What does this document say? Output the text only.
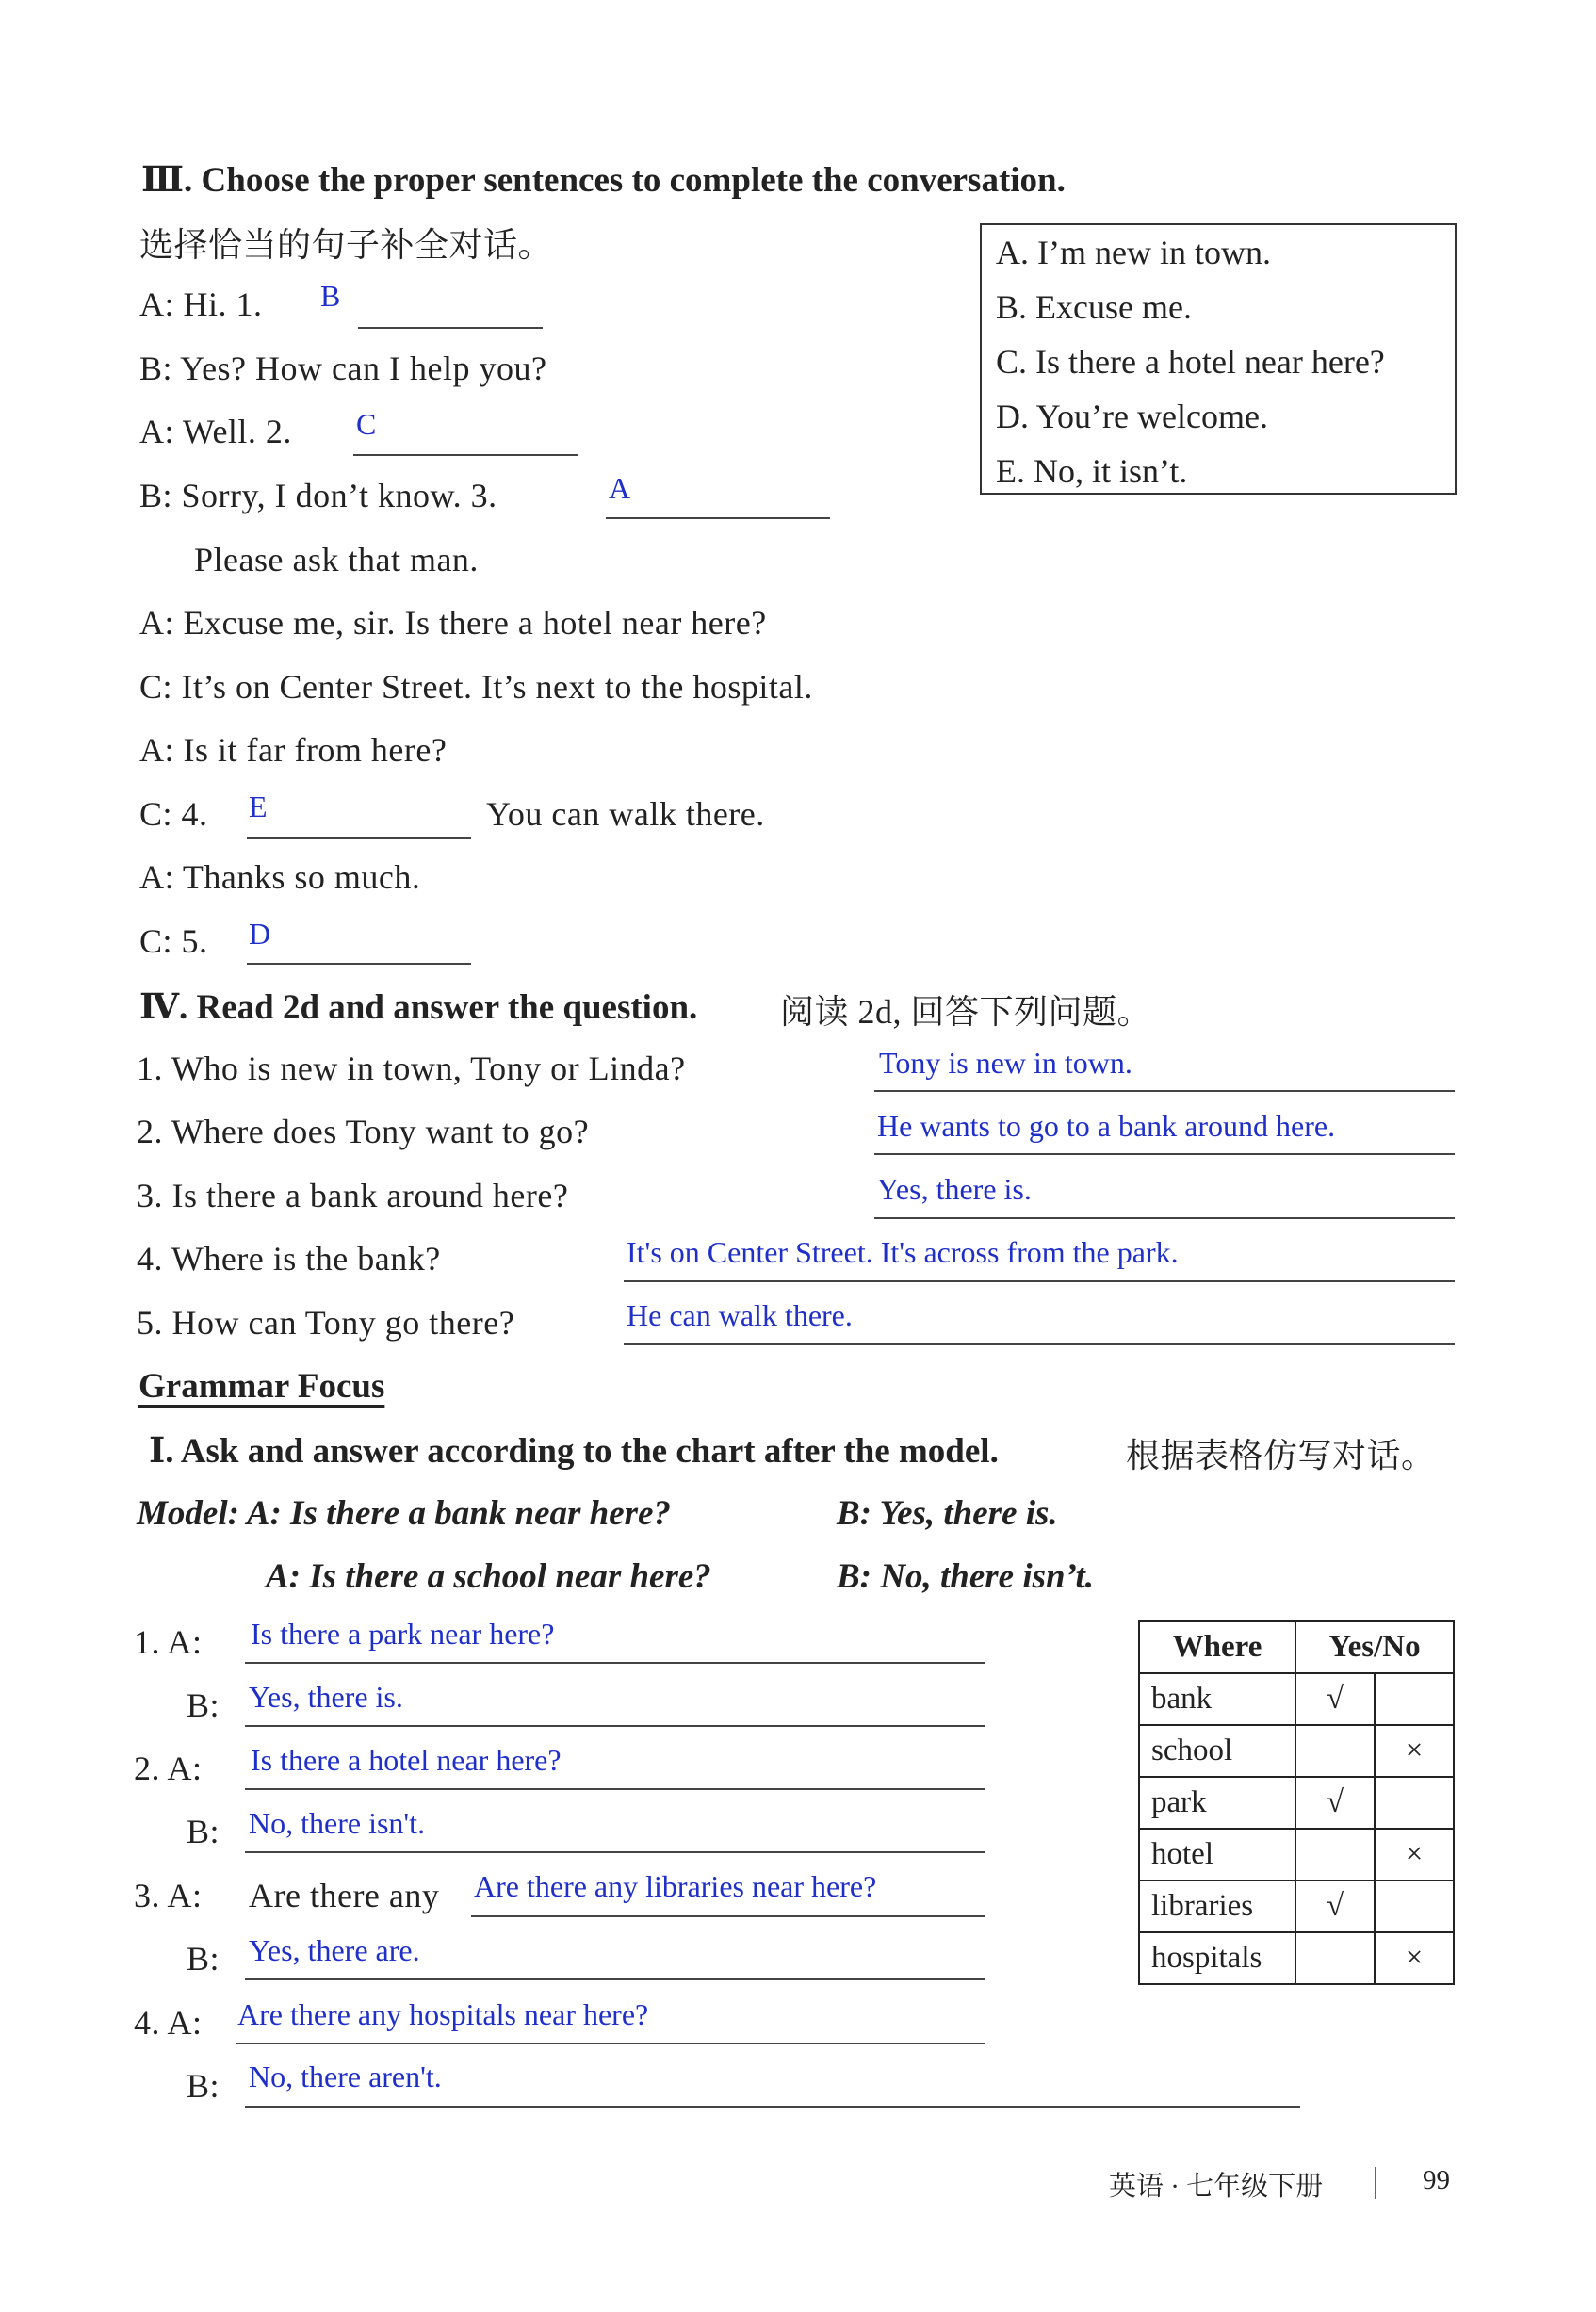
Ⅲ. Choose the proper sentences to complete the conversation.
选择恰当的句子补全对话。	A. I’m new in town.
B. Excuse me.
C. Is there a hotel near here?
D. You’re welcome.
E. No, it isn’t.
A: Hi. 1. B
B: Yes? How can I help you?
A: Well. 2. C
B: Sorry, I don’t know. 3.	A
Please ask that man.
A: Excuse me, sir. Is there a hotel near here?
C: It’s on Center Street. It’s next to the hospital.
A: Is it far from here?
C: 4. E	You can walk there.
A: Thanks so much.
C: 5. D
Ⅳ. Read 2d and answer the question. 阅读 2d, 回答下列问题。
1. Who is new in town, Tony or Linda?	Tony is new in town.
2. Where does Tony want to go?	He wants to go to a bank around here.
3. Is there a bank around here?	Yes, there is.
4. Where is the bank?	It's on Center Street. It's across from the park.
5. How can Tony go there?	He can walk there.
Grammar Focus
Ⅰ. Ask and answer according to the chart after the model.	根据表格仿写对话。
Model: A: Is there a bank near here?	B: Yes, there is.
A: Is there a school near here?	B: No, there isn’t.
1. A: Is there a park near here?
B: Yes, there is.
2. A: Is there a hotel near here?
B: No, there isn't.
3. A: Are there any Are there any libraries near here?
B: Yes, there are.
4. A: Are there any hospitals near here?
B: No, there aren't.
Where	Yes/No	
bank	√	
school		×
park	√	
hotel		×
libraries	√	
hospitals		×
英语 · 七年级下册	99
